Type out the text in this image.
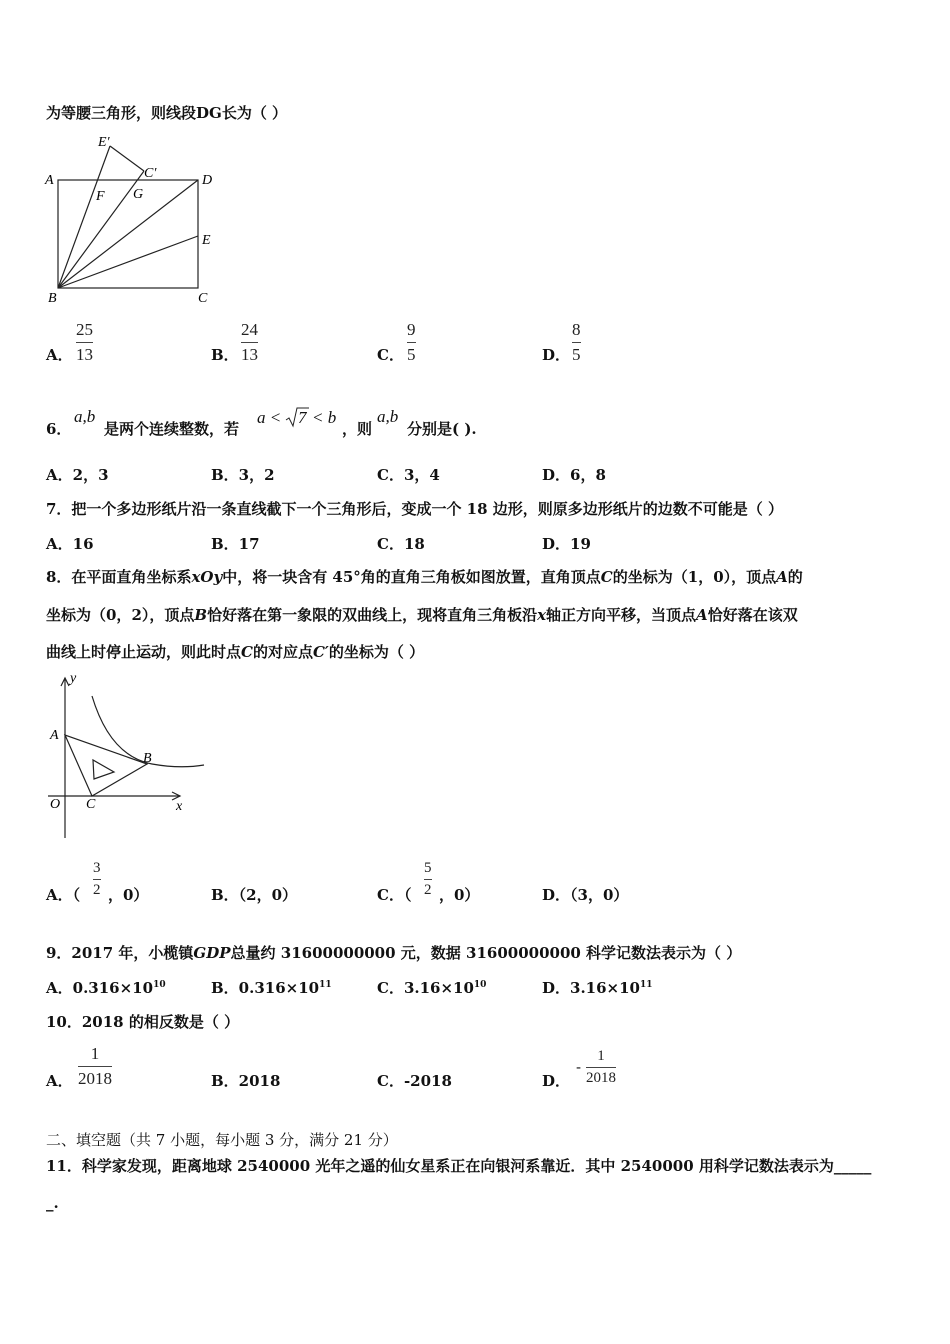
为等腰三角形，则线段DG长为（ ）
A	D
E
C
B
F G
E′
C′
A．
25
13	B．
24
13	C．
9
5	D．
8
5
6．
a,b
是两个连续整数，若
a < 7 < b
，则
a,b
分别是( ).
A．2，3	B．3，2	C．3，4	D．6，8
7．把一个多边形纸片沿一条直线截下一个三角形后，变成一个 18 边形，则原多边形纸片的边数不可能是（ ）
A．16	B．17	C．18	D．19
8．在平面直角坐标系xOy中，将一块含有 45°角的直角三角板如图放置，直角顶点C的坐标为（1，0），顶点A的
坐标为（0，2），顶点B恰好落在第一象限的双曲线上，现将直角三角板沿x轴正方向平移，当顶点A恰好落在该双
曲线上时停止运动，则此时点C的对应点C′的坐标为（ ）
y
x
O
A
B
C
A．（
3
2 ，0）	B．（2，0）	C．（
5
2 ，0）	D．（3，0）
9．2017 年，小榄镇GDP总量约 31600000000 元，数据 31600000000 科学记数法表示为（ ）
A．$0.316\times 10^{10}$	B．$0.316\times 10^{11}$	C．$3.16\times 10^{10}$	D．$3.16\times 10^{11}$
10．2018 的相反数是（ ）
A．
1
2018	B．2018	C．-2018	D．
-
1
2018
二、填空题（共 7 小题，每小题 3 分，满分 21 分）
11．科学家发现，距离地球 2540000 光年之遥的仙女星系正在向银河系靠近．其中 2540000 用科学记数法表示为_____
_.
